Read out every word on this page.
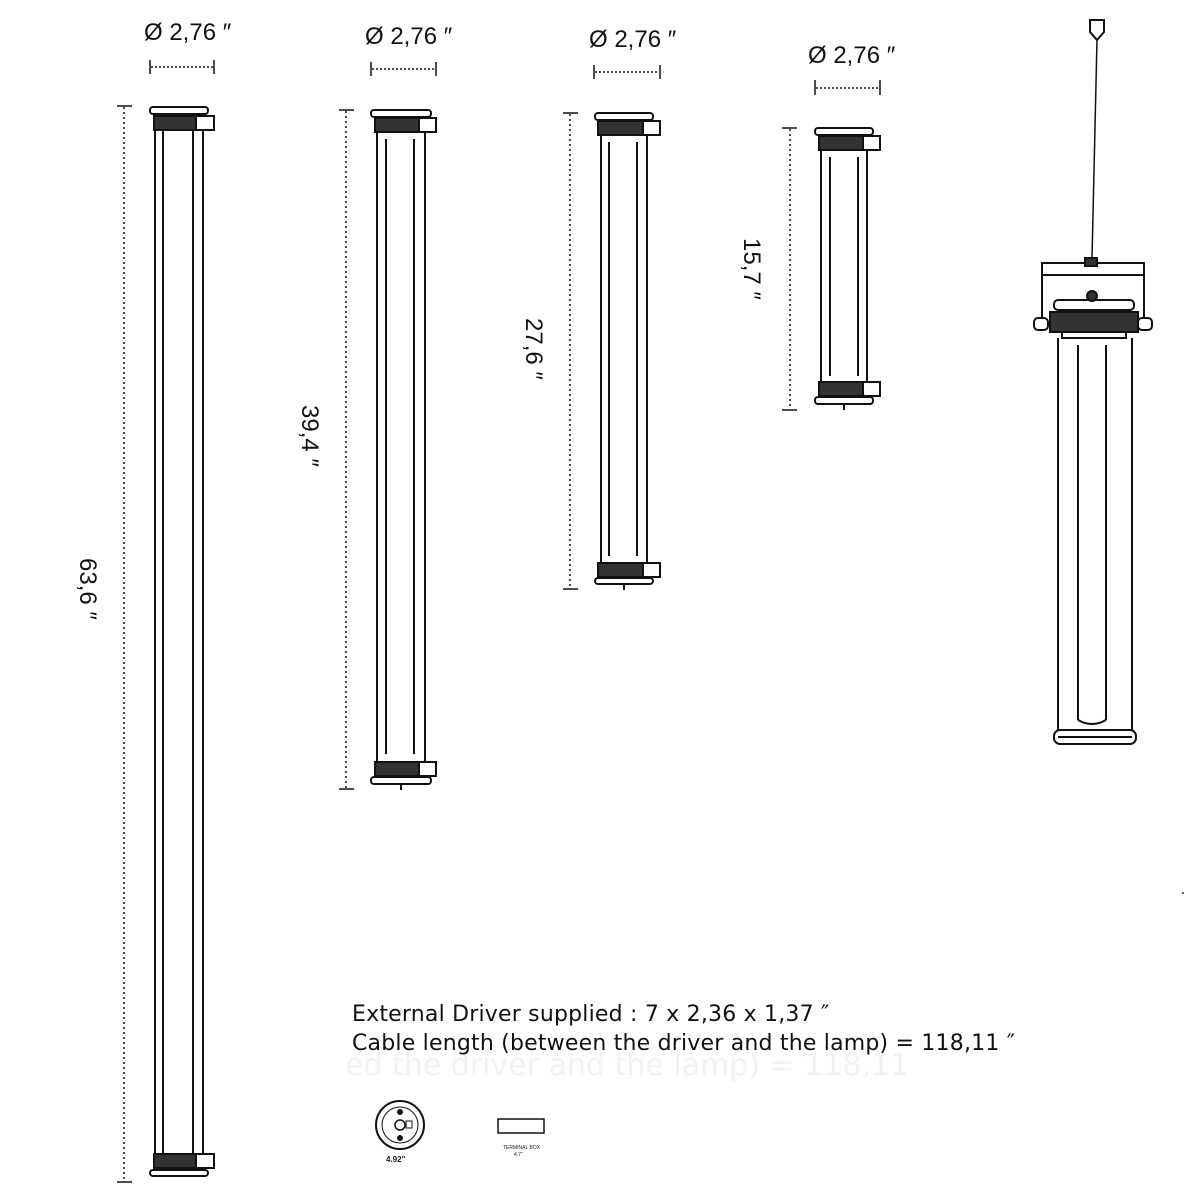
Ø 2,76 ″
63,6 ″
Ø 2,76 ″
39,4 ″
Ø 2,76 ″
27,6 ″
Ø 2,76 ″
15,7 ″
4.92"
TERMINAL BOX
4.7"
ed the driver and the lamp) = 118,11
External Driver supplied : 7 x 2,36 x 1,37 ″
Cable length (between the driver and the lamp) = 118,11 ″
